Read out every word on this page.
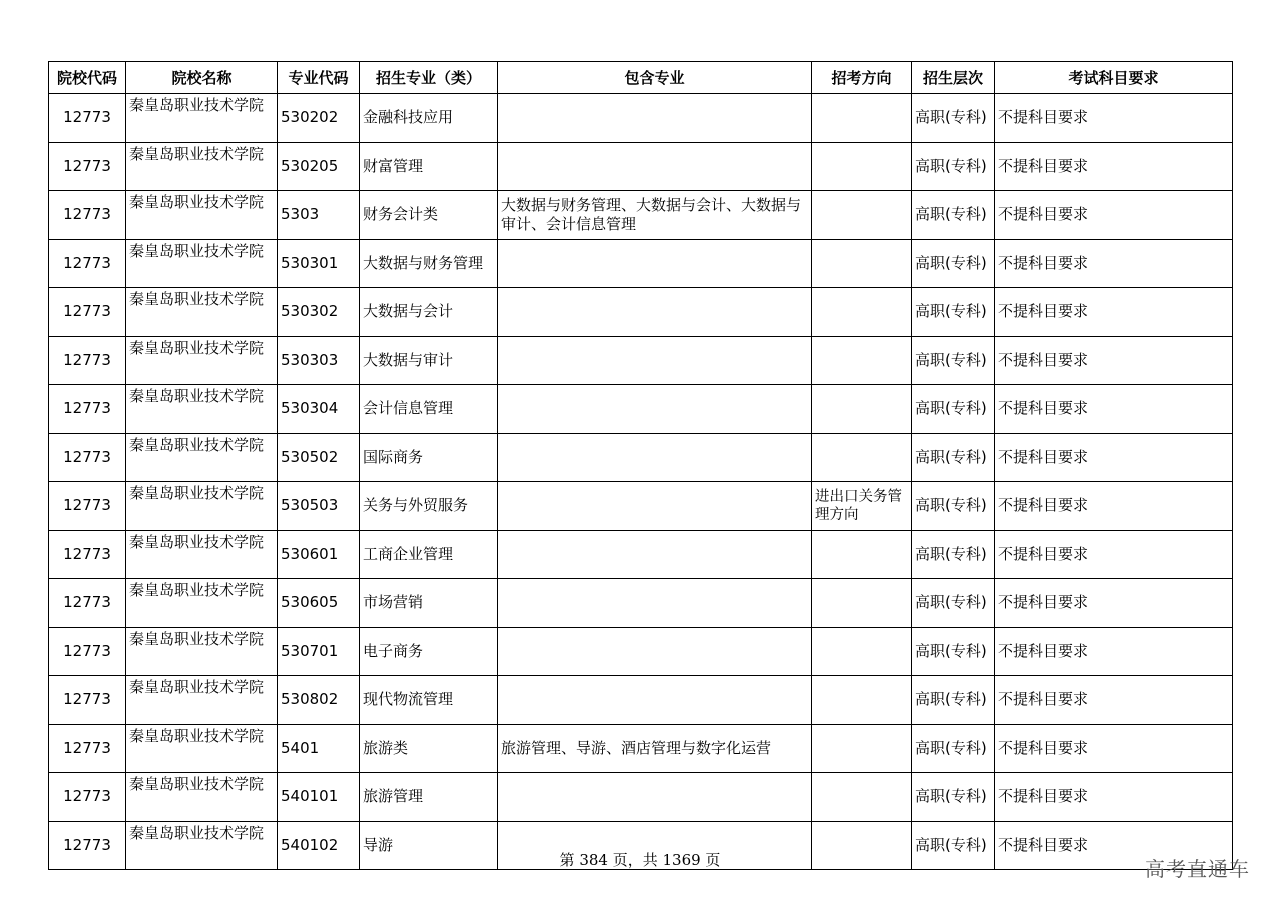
院校代码	院校名称	专业代码	招生专业（类）	包含专业	招考方向	招生层次	考试科目要求
12773	秦皇岛职业技术学院	530202	金融科技应用			高职(专科)	不提科目要求
12773	秦皇岛职业技术学院	530205	财富管理			高职(专科)	不提科目要求
12773	秦皇岛职业技术学院	5303	财务会计类	大数据与财务管理、大数据与会计、大数据与审计、会计信息管理		高职(专科)	不提科目要求
12773	秦皇岛职业技术学院	530301	大数据与财务管理			高职(专科)	不提科目要求
12773	秦皇岛职业技术学院	530302	大数据与会计			高职(专科)	不提科目要求
12773	秦皇岛职业技术学院	530303	大数据与审计			高职(专科)	不提科目要求
12773	秦皇岛职业技术学院	530304	会计信息管理			高职(专科)	不提科目要求
12773	秦皇岛职业技术学院	530502	国际商务			高职(专科)	不提科目要求
12773	秦皇岛职业技术学院	530503	关务与外贸服务		进出口关务管理方向	高职(专科)	不提科目要求
12773	秦皇岛职业技术学院	530601	工商企业管理			高职(专科)	不提科目要求
12773	秦皇岛职业技术学院	530605	市场营销			高职(专科)	不提科目要求
12773	秦皇岛职业技术学院	530701	电子商务			高职(专科)	不提科目要求
12773	秦皇岛职业技术学院	530802	现代物流管理			高职(专科)	不提科目要求
12773	秦皇岛职业技术学院	5401	旅游类	旅游管理、导游、酒店管理与数字化运营		高职(专科)	不提科目要求
12773	秦皇岛职业技术学院	540101	旅游管理			高职(专科)	不提科目要求
12773	秦皇岛职业技术学院	540102	导游			高职(专科)	不提科目要求
第 384 页，共 1369 页	高考直通车
